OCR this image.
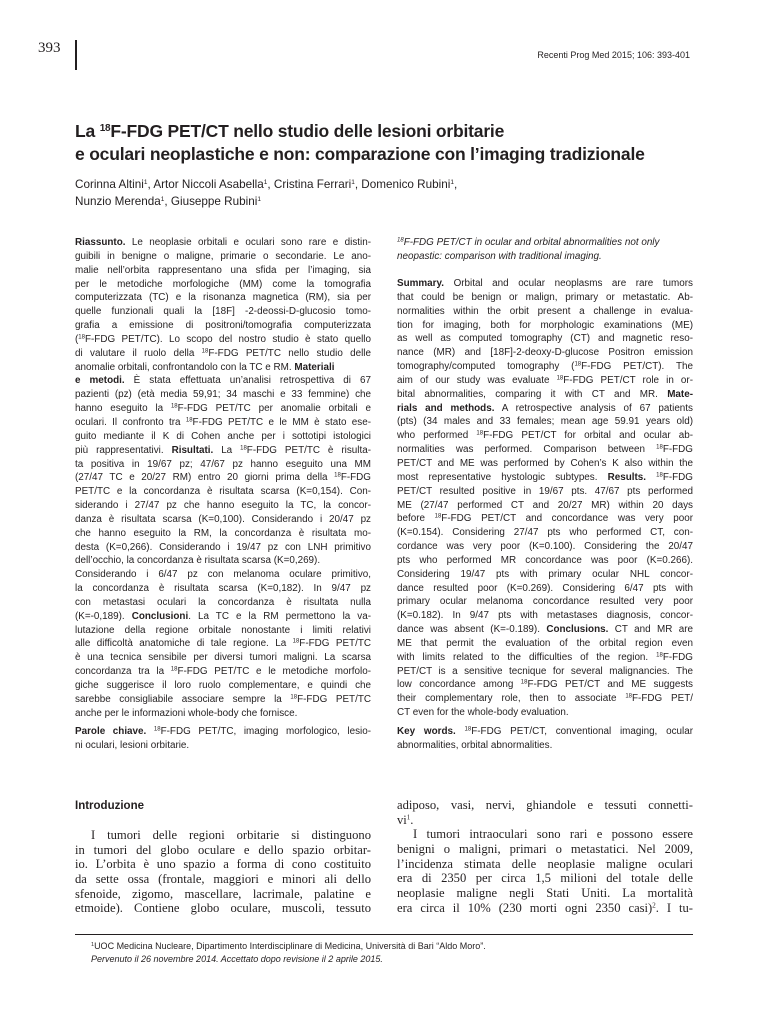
393	Recenti Prog Med 2015; 106: 393-401
La $^{18}$F-FDG PET/CT nello studio delle lesioni orbitarie
e oculari neoplastiche e non: comparazione con l’imaging tradizionale
Corinna Altini$^1$, Artor Niccoli Asabella$^1$, Cristina Ferrari$^1$, Domenico Rubini$^1$,
Nunzio Merenda$^1$, Giuseppe Rubini$^1$
Riassunto. Le neoplasie orbitali e oculari sono rare e distin-
guibili in benigne o maligne, primarie o secondarie. Le ano-
malie nell’orbita rappresentano una sfida per l’imaging, sia
per le metodiche morfologiche (MM) come la tomografia
computerizzata (TC) e la risonanza magnetica (RM), sia per
quelle funzionali quali la [18F] -2-deossi-D-glucosio tomo-
grafia a emissione di positroni/tomografia computerizzata
($^{18}$F-FDG PET/TC). Lo scopo del nostro studio è stato quello
di valutare il ruolo della $^{18}$F-FDG PET/TC nello studio delle
anomalie orbitali, confrontandolo con la TC e RM. Materiali
e metodi. È stata effettuata un’analisi retrospettiva di 67
pazienti (pz) (età media 59,91; 34 maschi e 33 femmine) che
hanno eseguito la $^{18}$F-FDG PET/TC per anomalie orbitali e
oculari. Il confronto tra $^{18}$F-FDG PET/TC e le MM è stato ese-
guito mediante il K di Cohen anche per i sottotipi istologici
più rappresentativi. Risultati. La $^{18}$F-FDG PET/TC è risulta-
ta positiva in 19/67 pz; 47/67 pz hanno eseguito una MM
(27/47 TC e 20/27 RM) entro 20 giorni prima della $^{18}$F-FDG
PET/TC e la concordanza è risultata scarsa (K=0,154). Con-
siderando i 27/47 pz che hanno eseguito la TC, la concor-
danza è risultata scarsa (K=0,100). Considerando i 20/47 pz
che hanno eseguito la RM, la concordanza è risultata mo-
desta (K=0,266). Considerando i 19/47 pz con LNH primitivo
dell’occhio, la concordanza è risultata scarsa (K=0,269).
Considerando i 6/47 pz con melanoma oculare primitivo,
la concordanza è risultata scarsa (K=0,182). In 9/47 pz
con metastasi oculari la concordanza è risultata nulla
(K=-0,189). Conclusioni. La TC e la RM permettono la va-
lutazione della regione orbitale nonostante i limiti relativi
alle difficoltà anatomiche di tale regione. La $^{18}$F-FDG PET/TC
è una tecnica sensibile per diversi tumori maligni. La scarsa
concordanza tra la $^{18}$F-FDG PET/TC e le metodiche morfolo-
giche suggerisce il loro ruolo complementare, e quindi che
sarebbe consigliabile associare sempre la $^{18}$F-FDG PET/TC
anche per le informazioni whole-body che fornisce.
Parole chiave. $^{18}$F-FDG PET/TC, imaging morfologico, lesio-
ni oculari, lesioni orbitarie.
$^{18}$F-FDG PET/CT in ocular and orbital abnormalities not only
neopastic: comparison with traditional imaging.
Summary. Orbital and ocular neoplasms are rare tumors
that could be benign or malign, primary or metastatic. Ab-
normalities within the orbit present a challenge in evalua-
tion for imaging, both for morphologic examinations (ME)
as well as computed tomography (CT) and magnetic reso-
nance (MR) and [18F]-2-deoxy-D-glucose Positron emission
tomography/computed tomography ($^{18}$F-FDG PET/CT). The
aim of our study was evaluate $^{18}$F-FDG PET/CT role in or-
bital abnormalities, comparing it with CT and MR. Mate-
rials and methods. A retrospective analysis of 67 patients
(pts) (34 males and 33 females; mean age 59.91 years old)
who performed $^{18}$F-FDG PET/CT for orbital and ocular ab-
normalities was performed. Comparison between $^{18}$F-FDG
PET/CT and ME was performed by Cohen’s K also within the
most representative hystologic subtypes. Results. $^{18}$F-FDG
PET/CT resulted positive in 19/67 pts. 47/67 pts performed
ME (27/47 performed CT and 20/27 MR) within 20 days
before $^{18}$F-FDG PET/CT and concordance was very poor
(K=0.154). Considering 27/47 pts who performed CT, con-
cordance was very poor (K=0.100). Considering the 20/47
pts who performed MR concordance was poor (K=0.266).
Considering 19/47 pts with primary ocular NHL concor-
dance resulted poor (K=0.269). Considering 6/47 pts with
primary ocular melanoma concordance resulted very poor
(K=0.182). In 9/47 pts with metastases diagnosis, concor-
dance was absent (K=-0.189). Conclusions. CT and MR are
ME that permit the evaluation of the orbital region even
with limits related to the difficulties of the region. $^{18}$F-FDG
PET/CT is a sensitive tecnique for several malignancies. The
low concordance among $^{18}$F-FDG PET/CT and ME suggests
their complementary role, then to associate $^{18}$F-FDG PET/
CT even for the whole-body evaluation.
Key words. $^{18}$F-FDG PET/CT, conventional imaging, ocular
abnormalities, orbital abnormalities.
Introduzione
I tumori delle regioni orbitarie si distinguono
in tumori del globo oculare e dello spazio orbitar-
io. L’orbita è uno spazio a forma di cono costituito
da sette ossa (frontale, maggiori e minori ali dello
sfenoide, zigomo, mascellare, lacrimale, palatine e
etmoide). Contiene globo oculare, muscoli, tessuto
adiposo, vasi, nervi, ghiandole e tessuti connetti-
$vi^1$.
I tumori intraoculari sono rari e possono essere
benigni o maligni, primari o metastatici. Nel 2009,
l’incidenza stimata delle neoplasie maligne oculari
era di 2350 per circa 1,5 milioni del totale delle
neoplasie maligne negli Stati Uniti. La mortalità
era circa il 10% (230 morti ogni 2350 casi)$^2$. I tu-
$^1$UOC Medicina Nucleare, Dipartimento Interdisciplinare di Medicina, Università di Bari “Aldo Moro”.
Pervenuto il 26 novembre 2014. Accettato dopo revisione il 2 aprile 2015.
